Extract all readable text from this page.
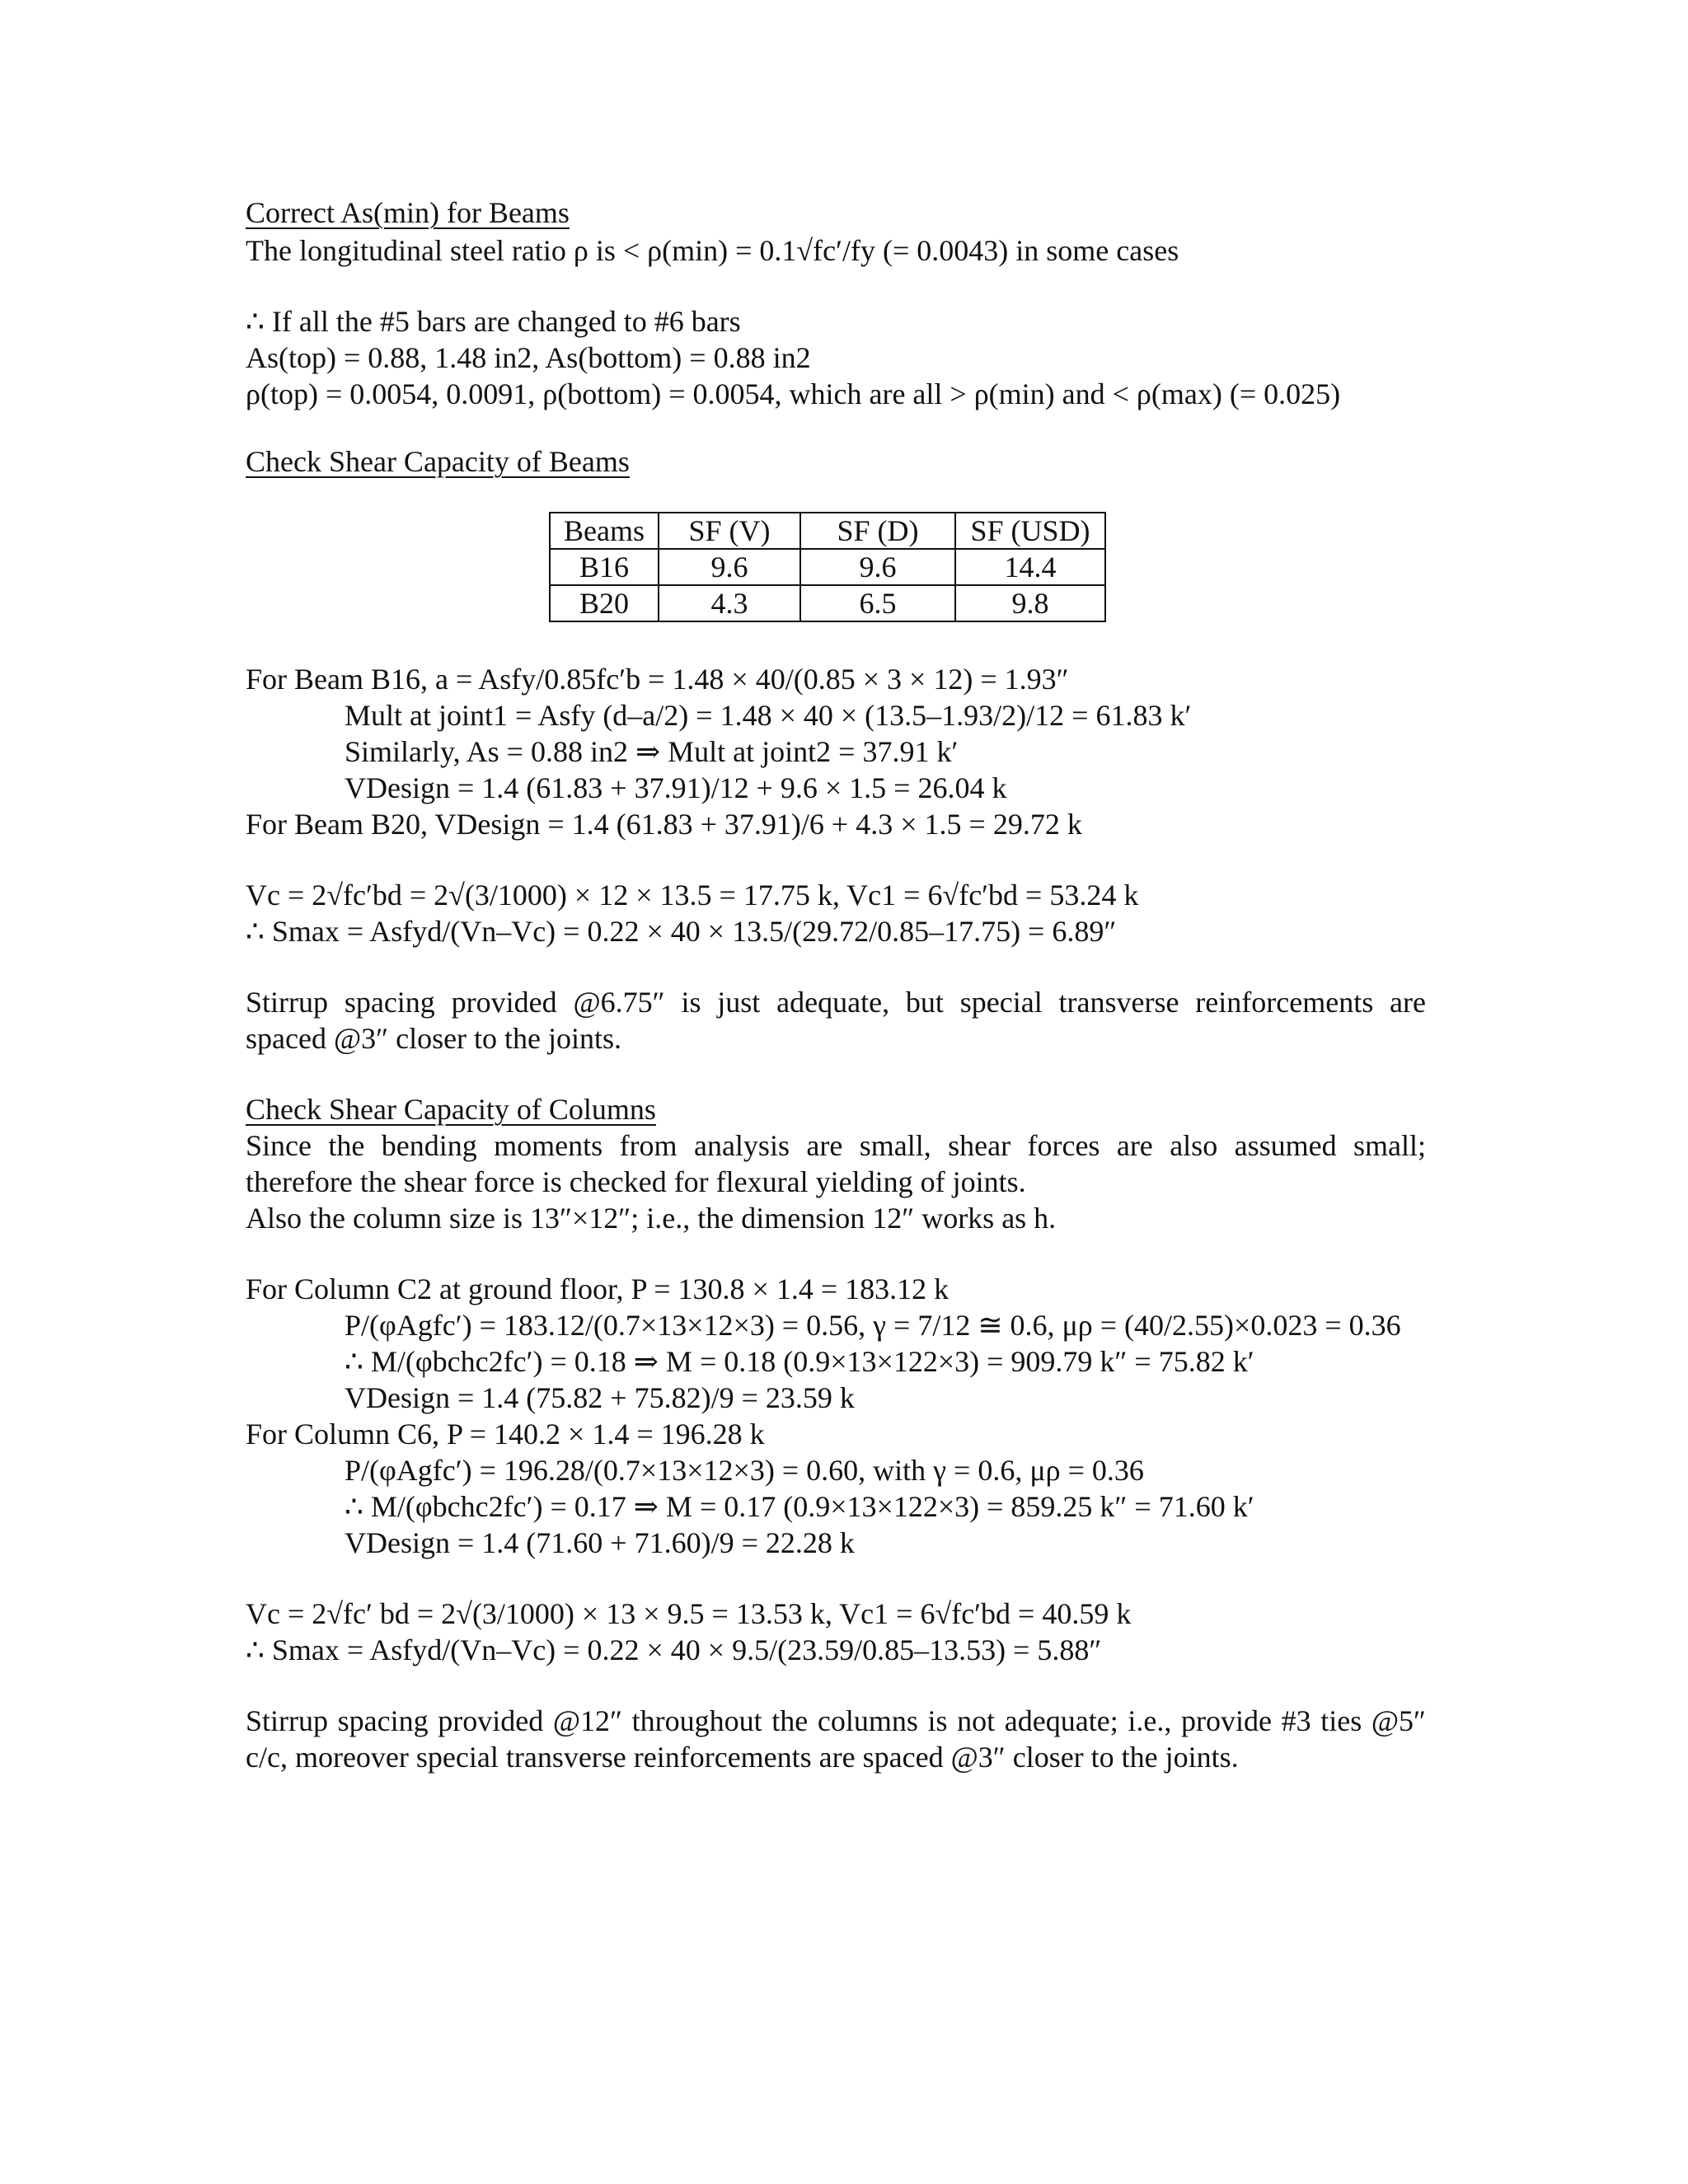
Correct As(min) for Beams
The longitudinal steel ratio ρ is < ρ(min) = 0.1√fc′/fy (= 0.0043) in some cases
∴ If all the #5 bars are changed to #6 bars
As(top) = 0.88, 1.48 in2, As(bottom) = 0.88 in2
ρ(top) = 0.0054, 0.0091, ρ(bottom) = 0.0054, which are all > ρ(min) and < ρ(max) (= 0.025)
Check Shear Capacity of Beams
Beams	SF (V)	SF (D)	SF (USD)
B16	9.6	9.6	14.4
B20	4.3	6.5	9.8
For Beam B16, a = Asfy/0.85fc′b = 1.48 × 40/(0.85 × 3 × 12) = 1.93″
Mult at joint1 = Asfy (d–a/2) = 1.48 × 40 × (13.5–1.93/2)/12 = 61.83 k′
Similarly, As = 0.88 in2 ⇒ Mult at joint2 = 37.91 k′
VDesign = 1.4 (61.83 + 37.91)/12 + 9.6 × 1.5 = 26.04 k
For Beam B20, VDesign = 1.4 (61.83 + 37.91)/6 + 4.3 × 1.5 = 29.72 k
Vc = 2√fc′bd = 2√(3/1000) × 12 × 13.5 = 17.75 k, Vc1 = 6√fc′bd = 53.24 k
∴ Smax = Asfyd/(Vn–Vc) = 0.22 × 40 × 13.5/(29.72/0.85–17.75) = 6.89″
Stirrup spacing provided @6.75″ is just adequate, but special transverse reinforcements are
spaced @3″ closer to the joints.
Check Shear Capacity of Columns
Since the bending moments from analysis are small, shear forces are also assumed small;
therefore the shear force is checked for flexural yielding of joints.
Also the column size is 13″×12″; i.e., the dimension 12″ works as h.
For Column C2 at ground floor, P = 130.8 × 1.4 = 183.12 k
P/(φAgfc′) = 183.12/(0.7×13×12×3) = 0.56, γ = 7/12 ≅ 0.6, μρ = (40/2.55)×0.023 = 0.36
∴ M/(φbchc2fc′) = 0.18 ⇒ M = 0.18 (0.9×13×122×3) = 909.79 k″ = 75.82 k′
VDesign = 1.4 (75.82 + 75.82)/9 = 23.59 k
For Column C6, P = 140.2 × 1.4 = 196.28 k
P/(φAgfc′) = 196.28/(0.7×13×12×3) = 0.60, with γ = 0.6, μρ = 0.36
∴ M/(φbchc2fc′) = 0.17 ⇒ M = 0.17 (0.9×13×122×3) = 859.25 k″ = 71.60 k′
VDesign = 1.4 (71.60 + 71.60)/9 = 22.28 k
Vc = 2√fc′ bd = 2√(3/1000) × 13 × 9.5 = 13.53 k, Vc1 = 6√fc′bd = 40.59 k
∴ Smax = Asfyd/(Vn–Vc) = 0.22 × 40 × 9.5/(23.59/0.85–13.53) = 5.88″
Stirrup spacing provided @12″ throughout the columns is not adequate; i.e., provide #3 ties @5″
c/c, moreover special transverse reinforcements are spaced @3″ closer to the joints.
